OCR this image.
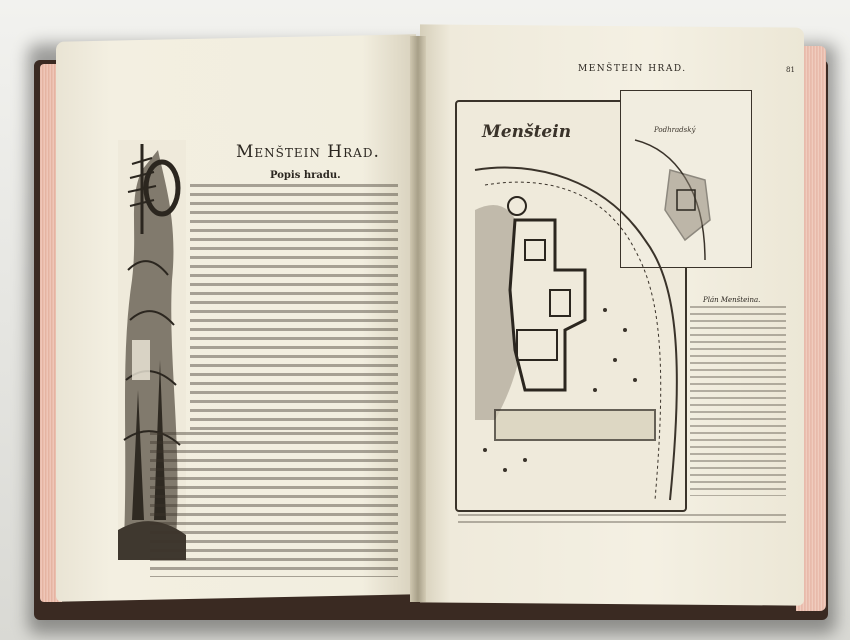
Menštein Hrad.
Popis hradu.
MENŠTEIN HRAD.	81
Menštein	Podhradský
Plán Menšteina.
